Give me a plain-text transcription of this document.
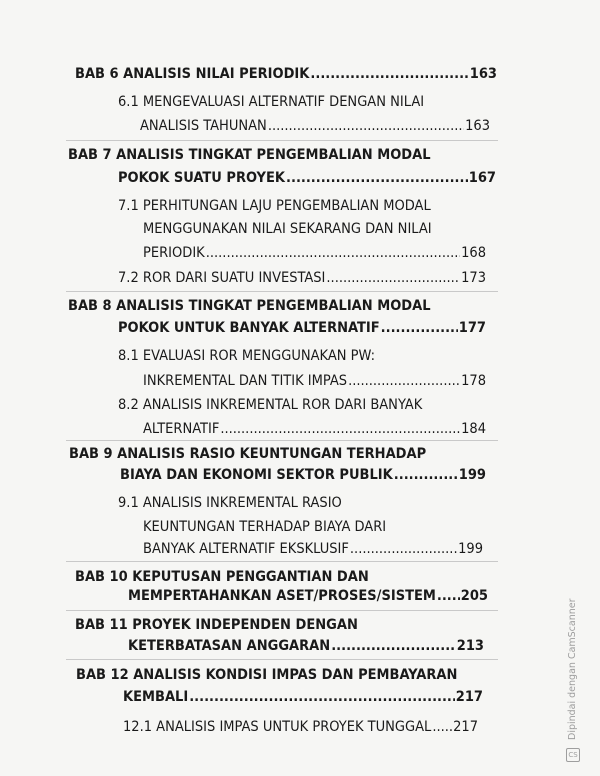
BAB 6 ANALISIS NILAI PERIODIK .....	163
6.1 MENGEVALUASI ALTERNATIF DENGAN NILAI
ANALISIS TAHUNAN .....	163
BAB 7 ANALISIS TINGKAT PENGEMBALIAN MODAL
POKOK SUATU PROYEK .....	167
7.1 PERHITUNGAN LAJU PENGEMBALIAN MODAL
MENGGUNAKAN NILAI SEKARANG DAN NILAI
PERIODIK .....	168
7.2 ROR DARI SUATU INVESTASI .....	173
BAB 8 ANALISIS TINGKAT PENGEMBALIAN MODAL
POKOK UNTUK BANYAK ALTERNATIF .....	177
8.1 EVALUASI ROR MENGGUNAKAN PW:
INKREMENTAL DAN TITIK IMPAS .....	178
8.2 ANALISIS INKREMENTAL ROR DARI BANYAK
ALTERNATIF .....	184
BAB 9 ANALISIS RASIO KEUNTUNGAN TERHADAP
BIAYA DAN EKONOMI SEKTOR PUBLIK .....	199
9.1 ANALISIS INKREMENTAL RASIO
KEUNTUNGAN TERHADAP BIAYA DARI
BANYAK ALTERNATIF EKSKLUSIF .....	199
BAB 10 KEPUTUSAN PENGGANTIAN DAN
MEMPERTAHANKAN ASET/PROSES/SISTEM ..... 205
BAB 11 PROYEK INDEPENDEN DENGAN
KETERBATASAN ANGGARAN .....	213
BAB 12 ANALISIS KONDISI IMPAS DAN PEMBAYARAN
KEMBALI .....	217
12.1 ANALISIS IMPAS UNTUK PROYEK TUNGGAL ..... 217
CS
Dipindai dengan CamScanner
